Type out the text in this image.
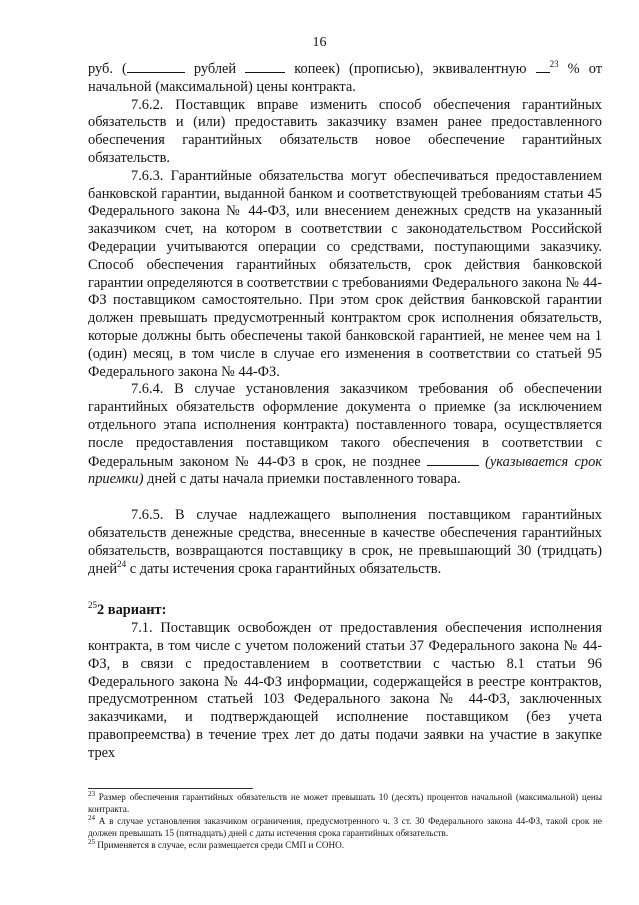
16

руб. (	рублей	копеек) (прописью), эквивалентную $^{23}$ % от начальной (максимальной) цены контракта.

7.6.2. Поставщик вправе изменить способ обеспечения гарантийных обязательств и (или) предоставить заказчику взамен ранее предоставленного обеспечения гарантийных обязательств новое обеспечение гарантийных обязательств.

7.6.3. Гарантийные обязательства могут обеспечиваться предоставлением банковской гарантии, выданной банком и соответствующей требованиям статьи 45 Федерального закона № 44-ФЗ, или внесением денежных средств на указанный заказчиком счет, на котором в соответствии с законодательством Российской Федерации учитываются операции со средствами, поступающими заказчику. Способ обеспечения гарантийных обязательств, срок действия банковской гарантии определяются в соответствии с требованиями Федерального закона № 44-ФЗ поставщиком самостоятельно. При этом срок действия банковской гарантии должен превышать предусмотренный контрактом срок исполнения обязательств, которые должны быть обеспечены такой банковской гарантией, не менее чем на 1 (один) месяц, в том числе в случае его изменения в соответствии со статьей 95 Федерального закона № 44-ФЗ.

7.6.4. В случае установления заказчиком требования об обеспечении гарантийных обязательств оформление документа о приемке (за исключением отдельного этапа исполнения контракта) поставленного товара, осуществляется после предоставления поставщиком такого обеспечения в соответствии с Федеральным законом № 44-ФЗ в срок, не позднее	(указывается срок приемки) дней с даты начала приемки поставленного товара.

7.6.5. В случае надлежащего выполнения поставщиком гарантийных обязательств денежные средства, внесенные в качестве обеспечения гарантийных обязательств, возвращаются поставщику в срок, не превышающий 30 (тридцать) дней$^{24}$ с даты истечения срока гарантийных обязательств.

$^{25}$2 вариант:

7.1. Поставщик освобожден от предоставления обеспечения исполнения контракта, в том числе с учетом положений статьи 37 Федерального закона № 44-ФЗ, в связи с предоставлением в соответствии с частью 8.1 статьи 96 Федерального закона № 44-ФЗ информации, содержащейся в реестре контрактов, предусмотренном статьей 103 Федерального закона № 44-ФЗ, заключенных заказчиками, и подтверждающей исполнение поставщиком (без учета правопреемства) в течение трех лет до даты подачи заявки на участие в закупке трех

$^{23}$ Размер обеспечения гарантийных обязательств не может превышать 10 (десять) процентов начальной (максимальной) цены контракта.

$^{24}$ А в случае установления заказчиком ограничения, предусмотренного ч. 3 ст. 30 Федерального закона 44-ФЗ, такой срок не должен превышать 15 (пятнадцать) дней с даты истечения срока гарантийных обязательств.

$^{25}$ Применяется в случае, если размещается среди СМП и СОНО.
